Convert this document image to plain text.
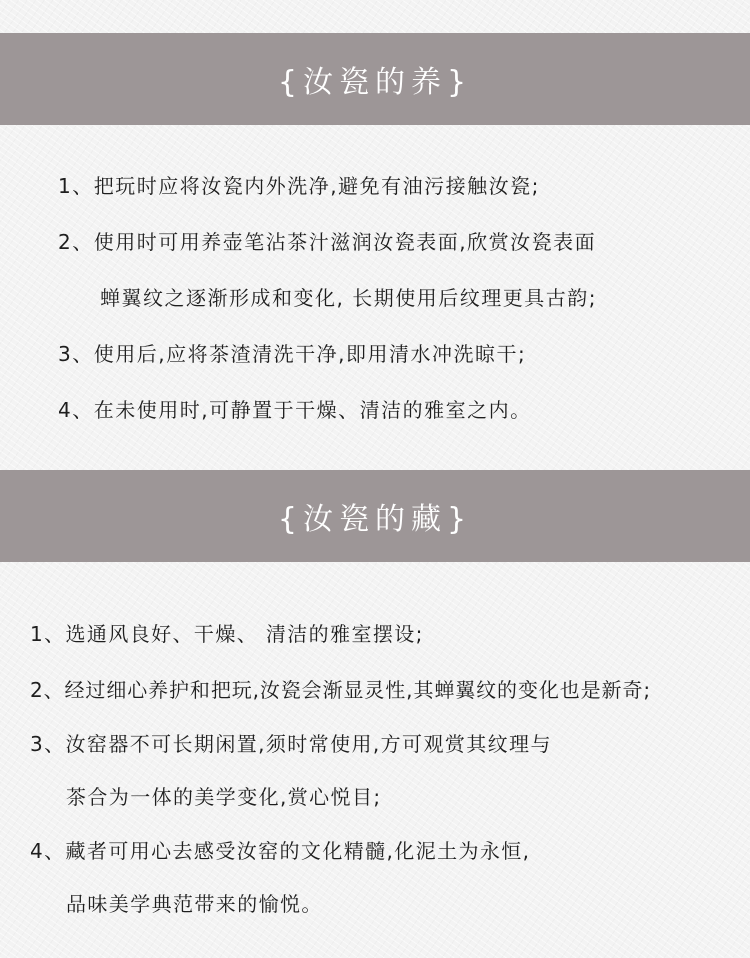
{汝瓷的养}
1、把玩时应将汝瓷内外洗净,避免有油污接触汝瓷;
2、使用时可用养壶笔沾茶汁滋润汝瓷表面,欣赏汝瓷表面
蝉翼纹之逐渐形成和变化, 长期使用后纹理更具古韵;
3、使用后,应将茶渣清洗干净,即用清水冲洗晾干;
4、在未使用时,可静置于干燥、清洁的雅室之内。
{汝瓷的藏}
1、选通风良好、干燥、 清洁的雅室摆设;
2、经过细心养护和把玩,汝瓷会渐显灵性,其蝉翼纹的变化也是新奇;
3、汝窑器不可长期闲置,须时常使用,方可观赏其纹理与
茶合为一体的美学变化,赏心悦目;
4、藏者可用心去感受汝窑的文化精髓,化泥土为永恒,
品味美学典范带来的愉悦。
